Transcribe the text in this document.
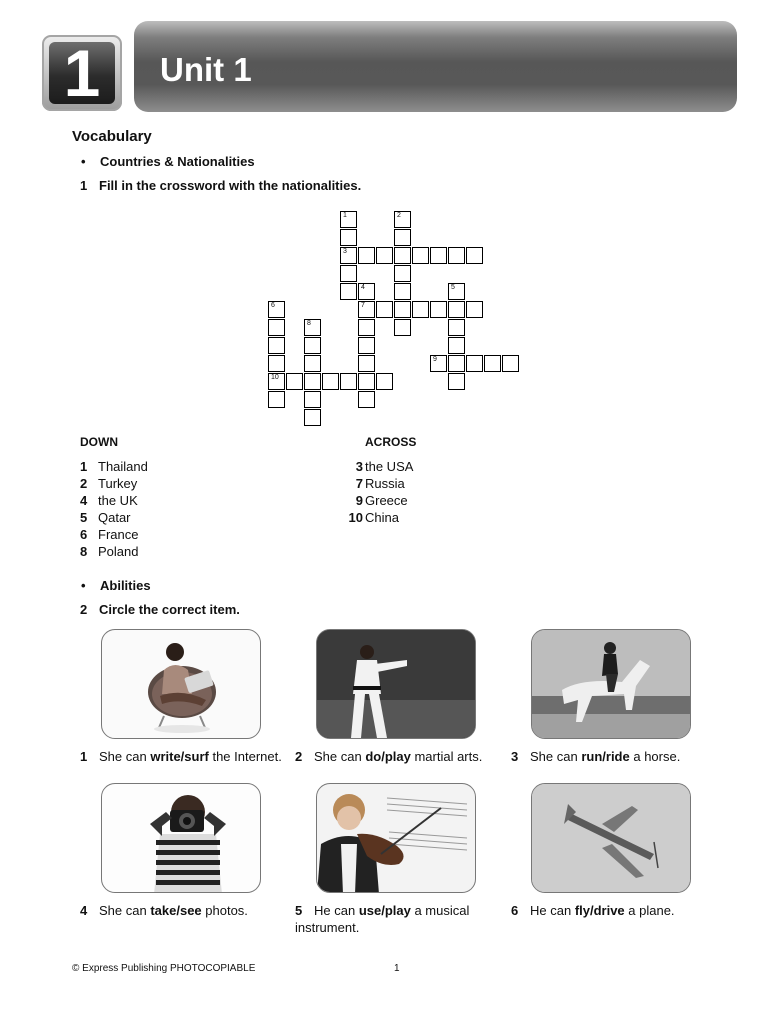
1 Unit 1
Vocabulary
• Countries & Nationalities
1 Fill in the crossword with the nationalities.
1
3
2
4
7
5
6
10
8
9
DOWN	ACROSS
1 Thailand
2 Turkey
4 the UK
5 Qatar
6 France
8 Poland
3 the USA
7 Russia
9 Greece
10 China
• Abilities
2 Circle the correct item.
1 She can write/surf the Internet.	2 She can do/play martial arts.	3 She can run/ride a horse.
4 She can take/see photos.	5 He can use/play a musical instrument.
6 He can fly/drive a plane.
© Express Publishing PHOTOCOPIABLE	1
